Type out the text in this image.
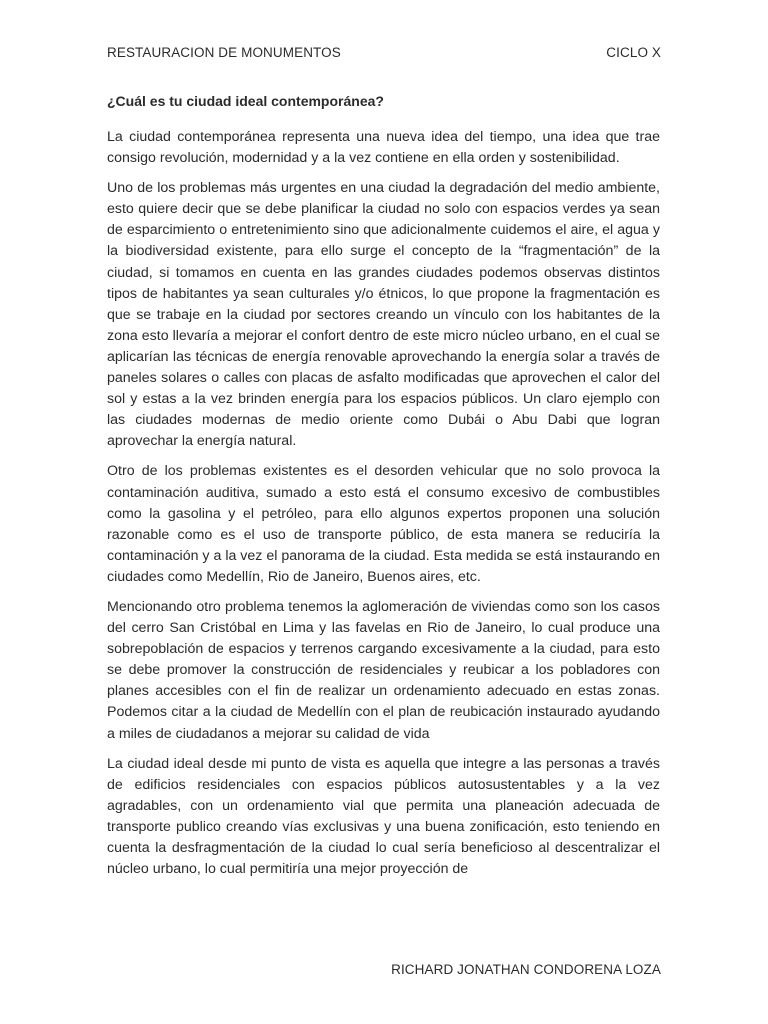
RESTAURACION DE MONUMENTOS	CICLO X
¿Cuál es tu ciudad ideal contemporánea?

La ciudad contemporánea representa una nueva idea del tiempo, una idea que trae consigo revolución, modernidad y a la vez contiene en ella orden y sostenibilidad.

Uno de los problemas más urgentes en una ciudad la degradación del medio ambiente, esto quiere decir que se debe planificar la ciudad no solo con espacios verdes ya sean de esparcimiento o entretenimiento sino que adicionalmente cuidemos el aire, el agua y la biodiversidad existente, para ello surge el concepto de la “fragmentación” de la ciudad, si tomamos en cuenta en las grandes ciudades podemos observas distintos tipos de habitantes ya sean culturales y/o étnicos, lo que propone la fragmentación es que se trabaje en la ciudad por sectores creando un vínculo con los habitantes de la zona esto llevaría a mejorar el confort dentro de este micro núcleo urbano, en el cual se aplicarían las técnicas de energía renovable aprovechando la energía solar a través de paneles solares o calles con placas de asfalto modificadas que aprovechen el calor del sol y estas a la vez brinden energía para los espacios públicos. Un claro ejemplo con las ciudades modernas de medio oriente como Dubái o Abu Dabi que logran aprovechar la energía natural.

Otro de los problemas existentes es el desorden vehicular que no solo provoca la contaminación auditiva, sumado a esto está el consumo excesivo de combustibles como la gasolina y el petróleo, para ello algunos expertos proponen una solución razonable como es el uso de transporte público, de esta manera se reduciría la contaminación y a la vez el panorama de la ciudad. Esta medida se está instaurando en ciudades como Medellín, Rio de Janeiro, Buenos aires, etc.

Mencionando otro problema tenemos la aglomeración de viviendas como son los casos del cerro San Cristóbal en Lima y las favelas en Rio de Janeiro, lo cual produce una sobrepoblación de espacios y terrenos cargando excesivamente a la ciudad, para esto se debe promover la construcción de residenciales y reubicar a los pobladores con planes accesibles con el fin de realizar un ordenamiento adecuado en estas zonas. Podemos citar a la ciudad de Medellín con el plan de reubicación instaurado ayudando a miles de ciudadanos a mejorar su calidad de vida

La ciudad ideal desde mi punto de vista es aquella que integre a las personas a través de edificios residenciales con espacios públicos autosustentables y a la vez agradables, con un ordenamiento vial que permita una planeación adecuada de transporte publico creando vías exclusivas y una buena zonificación, esto teniendo en cuenta la desfragmentación de la ciudad lo cual sería beneficioso al descentralizar el núcleo urbano, lo cual permitiría una mejor proyección de

RICHARD JONATHAN CONDORENA LOZA
